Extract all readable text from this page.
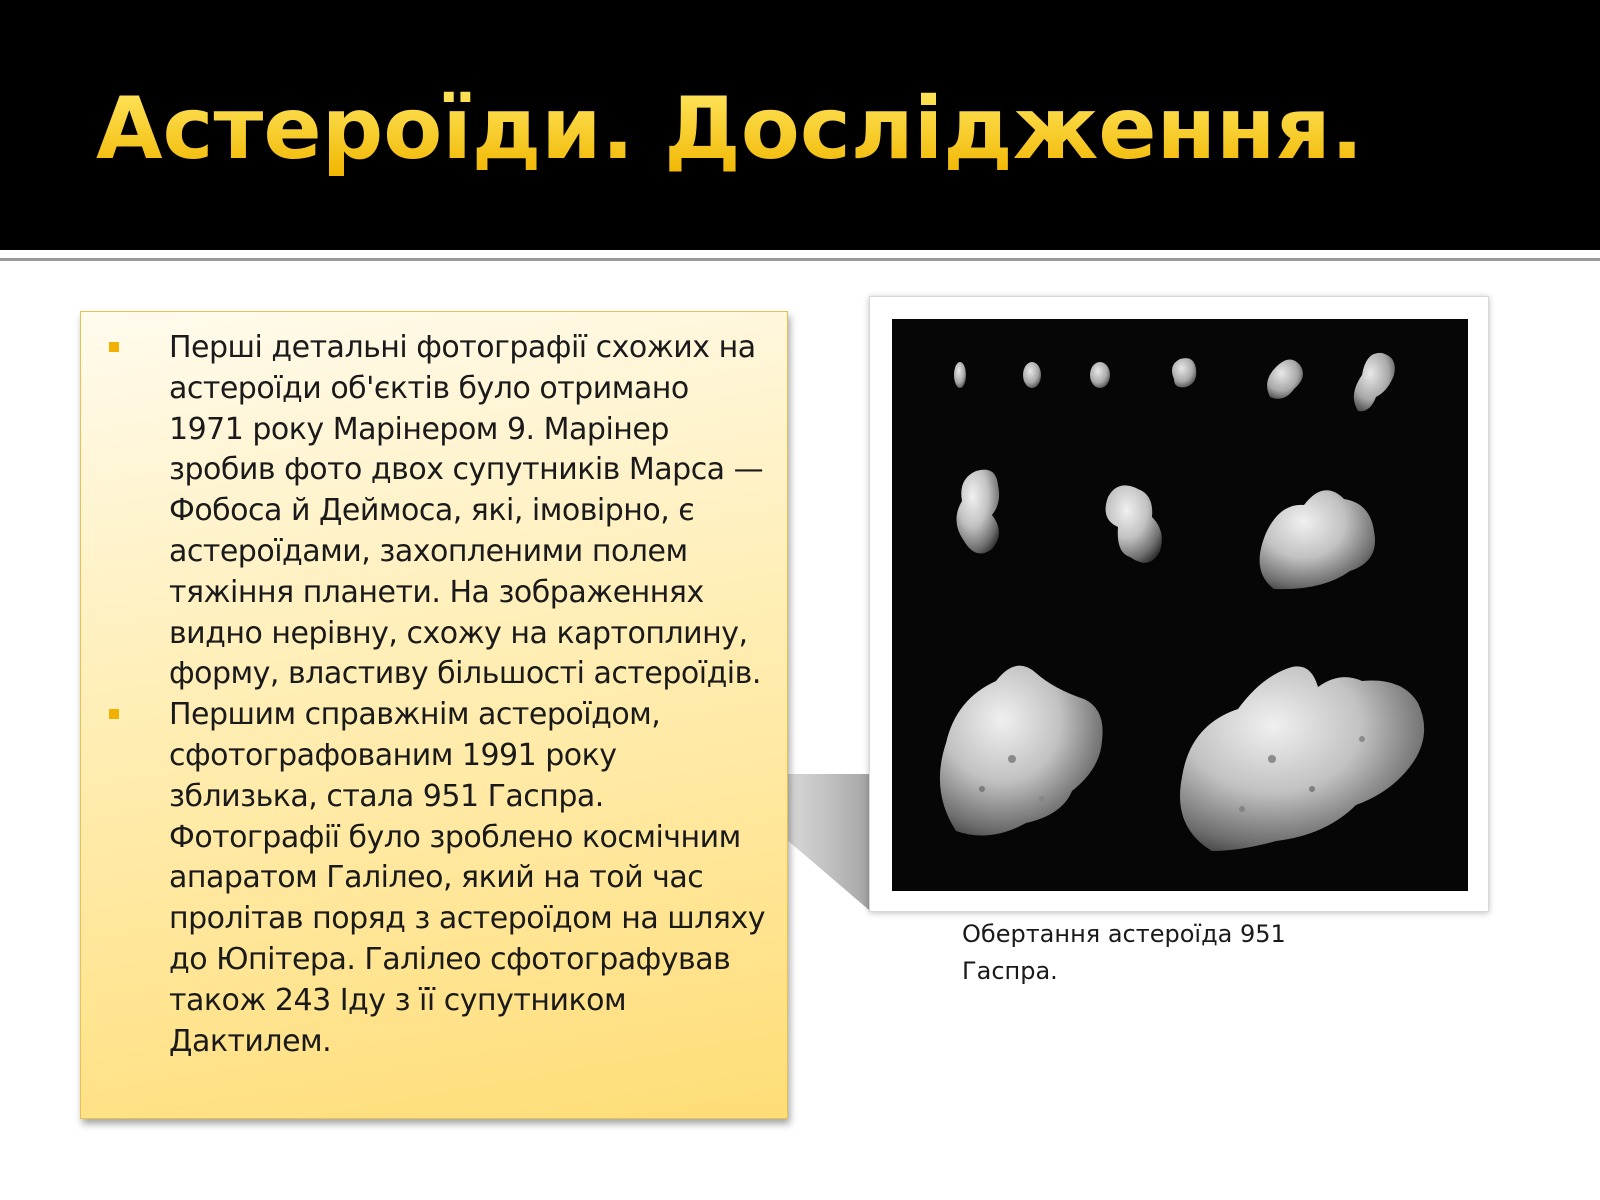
Астероїди. Дослідження.
Перші детальні фотографії схожих на астероїди об'єктів було отримано 1971 року Марінером 9. Марінер зробив фото двох супутників Марса — Фобоса й Деймоса, які, імовірно, є астероїдами, захопленими полем тяжіння планети. На зображеннях видно нерівну, схожу на картоплину, форму, властиву більшості астероїдів.
Першим справжнім астероїдом, сфотографованим 1991 року зблизька, стала 951 Гаспра. Фотографії було зроблено космічним апаратом Галілео, який на той час пролітав поряд з астероїдом на шляху до Юпітера. Галілео сфотографував також 243 Іду з її супутником Дактилем.
Обертання астероїда 951 Гаспра.
